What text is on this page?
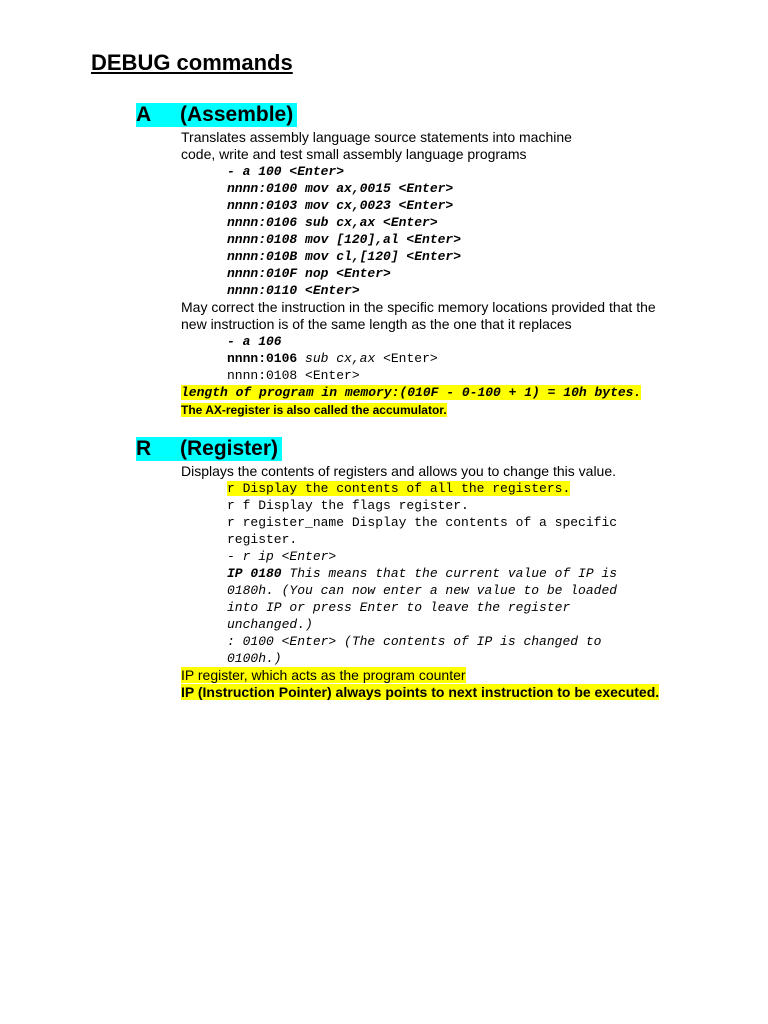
DEBUG commands
A	(Assemble)

Translates assembly language source statements into machine

code, write and test small assembly language programs

- a 100 <Enter>

nnnn:0100 mov ax,0015 <Enter>

nnnn:0103 mov cx,0023 <Enter>

nnnn:0106 sub cx,ax <Enter>

nnnn:0108 mov [120],al <Enter>

nnnn:010B mov cl,[120] <Enter>

nnnn:010F nop <Enter>

nnnn:0110 <Enter>

May correct the instruction in the specific memory locations provided that the

new instruction is of the same length as the one that it replaces

- a 106

nnnn:0106 sub cx,ax <Enter>

nnnn:0108 <Enter>

length of program in memory:(010F - 0-100 + 1) = 10h bytes.

The AX-register is also called the accumulator.

R	(Register)

Displays the contents of registers and allows you to change this value.

r Display the contents of all the registers.

r f Display the flags register.

r register_name Display the contents of a specific

register.

- r ip <Enter>

IP 0180 This means that the current value of IP is

0180h. (You can now enter a new value to be loaded

into IP or press Enter to leave the register

unchanged.)

: 0100 <Enter> (The contents of IP is changed to

0100h.)

IP register, which acts as the program counter

IP (Instruction Pointer) always points to next instruction to be executed.
